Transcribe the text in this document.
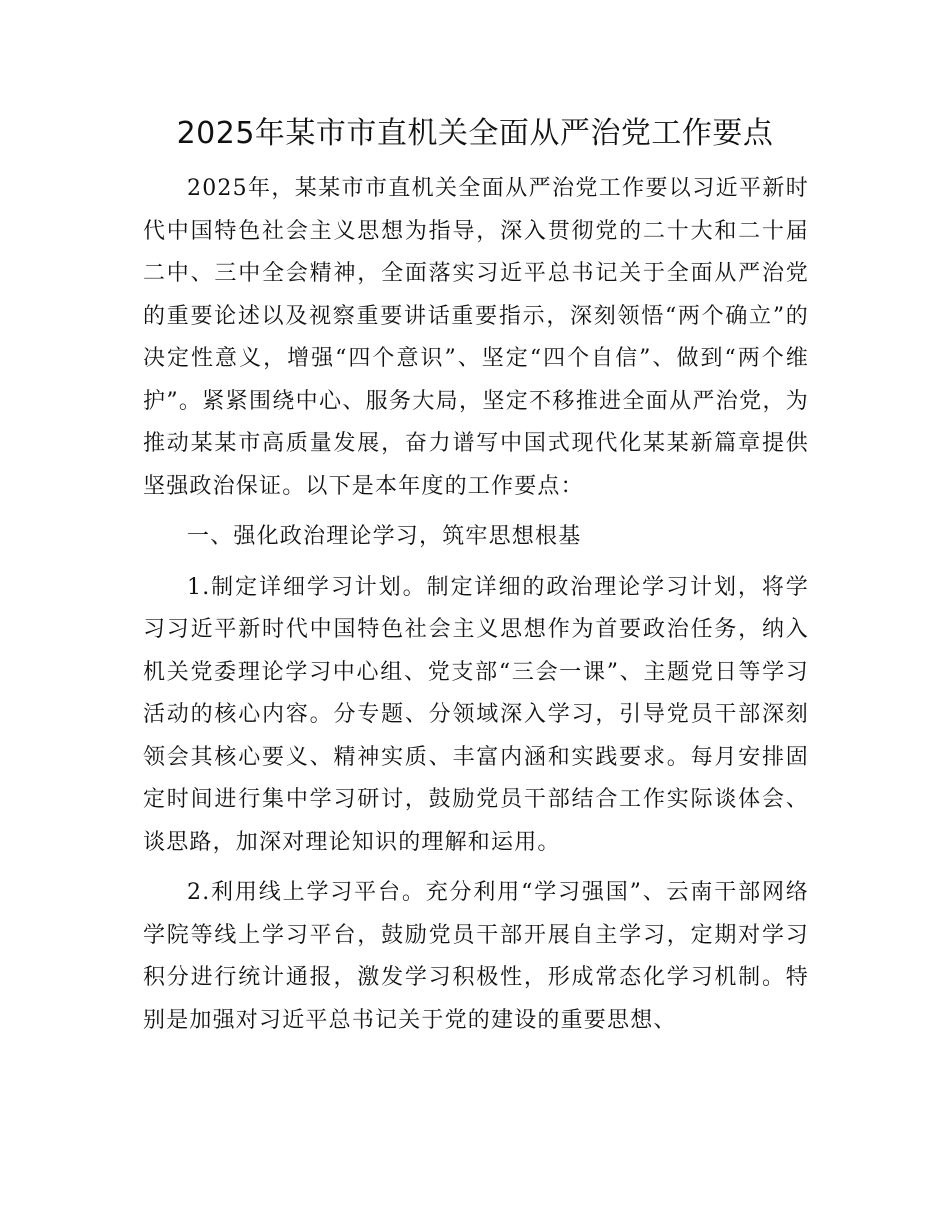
2025年某市市直机关全面从严治党工作要点

2025年，某某市市直机关全面从严治党工作要以习近平新时代中国特色社会主义思想为指导，深入贯彻党的二十大和二十届二中、三中全会精神，全面落实习近平总书记关于全面从严治党的重要论述以及视察重要讲话重要指示，深刻领悟“两个确立”的决定性意义，增强“四个意识”、坚定“四个自信”、做到“两个维护”。紧紧围绕中心、服务大局，坚定不移推进全面从严治党，为推动某某市高质量发展，奋力谱写中国式现代化某某新篇章提供坚强政治保证。以下是本年度的工作要点：

一、强化政治理论学习，筑牢思想根基

1.制定详细学习计划。制定详细的政治理论学习计划，将学习习近平新时代中国特色社会主义思想作为首要政治任务，纳入机关党委理论学习中心组、党支部“三会一课”、主题党日等学习活动的核心内容。分专题、分领域深入学习，引导党员干部深刻领会其核心要义、精神实质、丰富内涵和实践要求。每月安排固定时间进行集中学习研讨，鼓励党员干部结合工作实际谈体会、谈思路，加深对理论知识的理解和运用。

2.利用线上学习平台。充分利用“学习强国”、云南干部网络学院等线上学习平台，鼓励党员干部开展自主学习，定期对学习积分进行统计通报，激发学习积极性，形成常态化学习机制。特别是加强对习近平总书记关于党的建设的重要思想、
